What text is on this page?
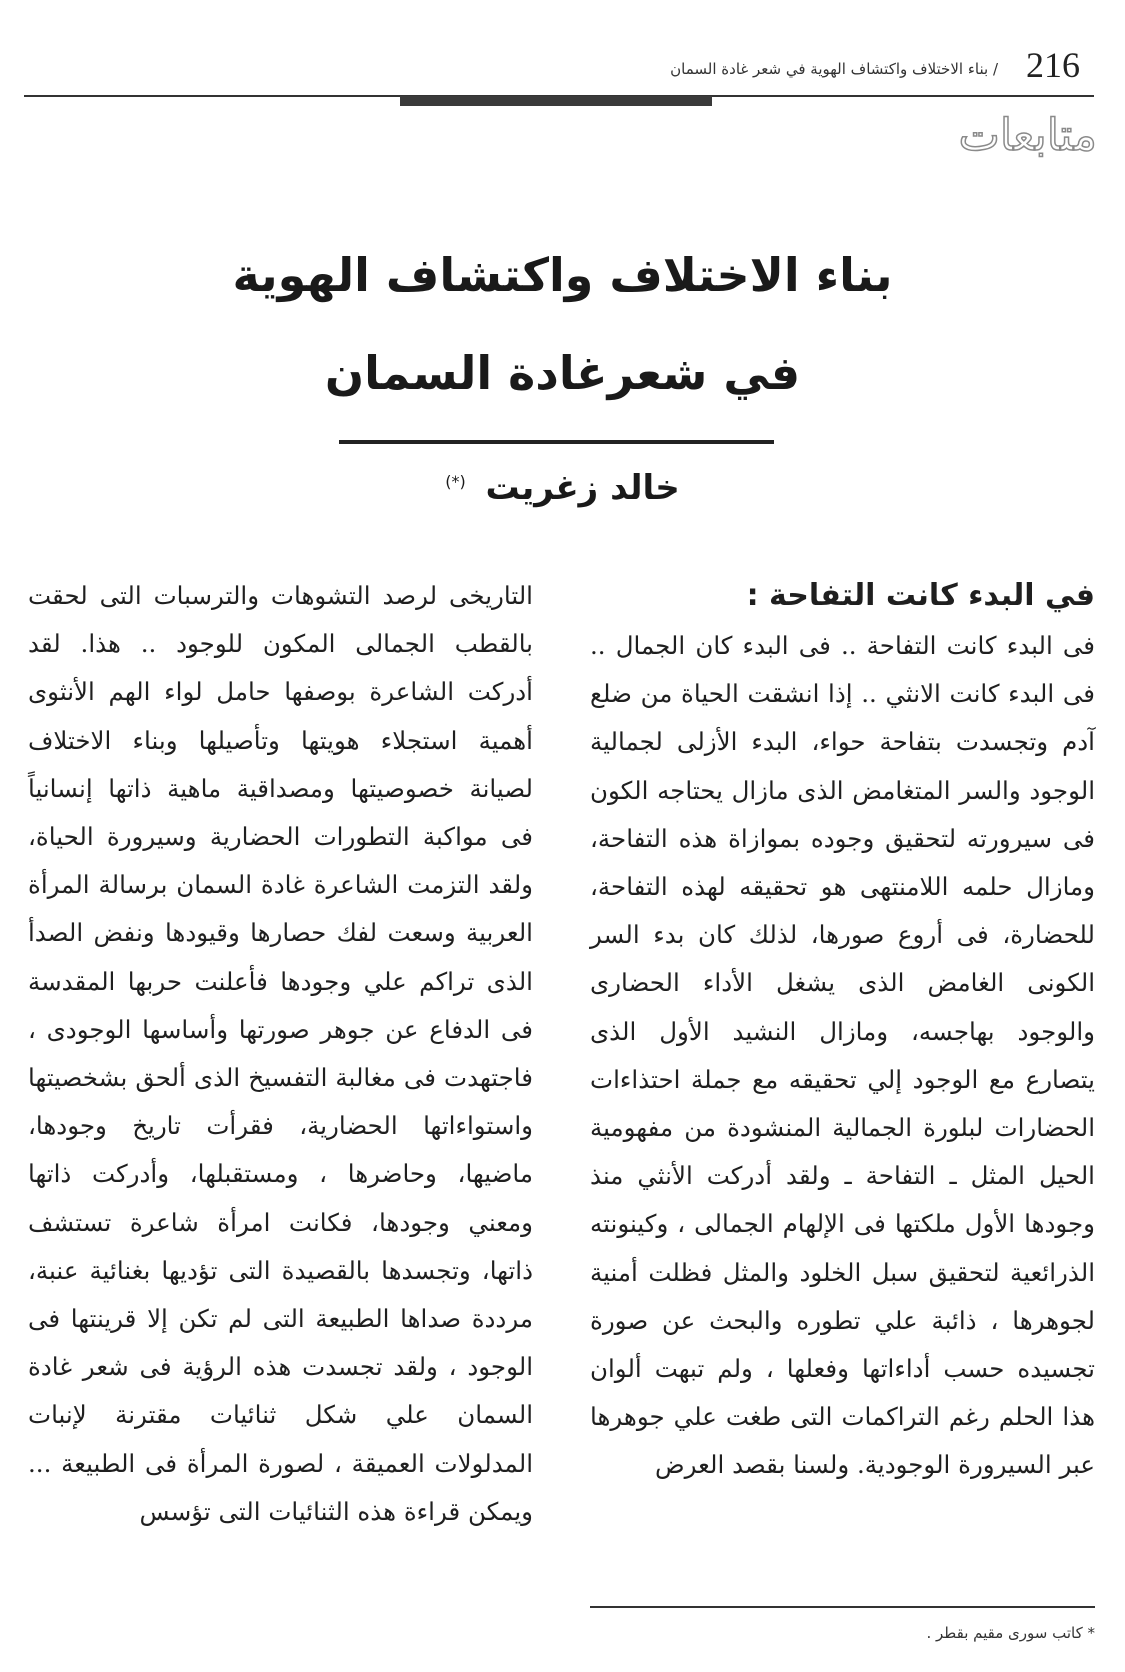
216
/ بناء الاختلاف واكتشاف الهوية في شعر غادة السمان
متابعات
بناء الاختلاف واكتشاف الهوية
في شعرغادة السمان
خالد زغريت (*)
في البدء كانت التفاحة :
فى البدء كانت التفاحة .. فى البدء كان الجمال .. فى البدء كانت الانثي .. إذا انشقت الحياة من ضلع آدم وتجسدت بتفاحة حواء، البدء الأزلى لجمالية الوجود والسر المتغامض الذى مازال يحتاجه الكون فى سيرورته لتحقيق وجوده بموازاة هذه التفاحة، ومازال حلمه اللامنتهى هو تحقيقه لهذه التفاحة، للحضارة، فى أروع صورها، لذلك كان بدء السر الكونى الغامض الذى يشغل الأداء الحضارى والوجود بهاجسه، ومازال النشيد الأول الذى يتصارع مع الوجود إلي تحقيقه مع جملة احتذاءات الحضارات لبلورة الجمالية المنشودة من مفهومية الحيل المثل ـ التفاحة ـ ولقد أدركت الأنثي منذ وجودها الأول ملكتها فى الإلهام الجمالى ، وكينونته الذرائعية لتحقيق سبل الخلود والمثل فظلت أمنية لجوهرها ، ذائبة علي تطوره والبحث عن صورة تجسيده حسب أداءاتها وفعلها ، ولم تبهت ألوان هذا الحلم رغم التراكمات التى طغت علي جوهرها عبر السيرورة الوجودية. ولسنا بقصد العرض
التاريخى لرصد التشوهات والترسبات التى لحقت بالقطب الجمالى المكون للوجود .. هذا. لقد أدركت الشاعرة بوصفها حامل لواء الهم الأنثوى أهمية استجلاء هويتها وتأصيلها وبناء الاختلاف لصيانة خصوصيتها ومصداقية ماهية ذاتها إنسانياً فى مواكبة التطورات الحضارية وسيرورة الحياة، ولقد التزمت الشاعرة غادة السمان برسالة المرأة العربية وسعت لفك حصارها وقيودها ونفض الصدأ الذى تراكم علي وجودها فأعلنت حربها المقدسة فى الدفاع عن جوهر صورتها وأساسها الوجودى ، فاجتهدت فى مغالبة التفسيخ الذى ألحق بشخصيتها واستواءاتها الحضارية، فقرأت تاريخ وجودها، ماضيها، وحاضرها ، ومستقبلها، وأدركت ذاتها ومعني وجودها، فكانت امرأة شاعرة تستشف ذاتها، وتجسدها بالقصيدة التى تؤديها بغنائية عنبة، مرددة صداها الطبيعة التى لم تكن إلا قرينتها فى الوجود ، ولقد تجسدت هذه الرؤية فى شعر غادة السمان علي شكل ثنائيات مقترنة لإنبات المدلولات العميقة ، لصورة المرأة فى الطبيعة ... ويمكن قراءة هذه الثنائيات التى تؤسس
* كاتب سورى مقيم بقطر .
